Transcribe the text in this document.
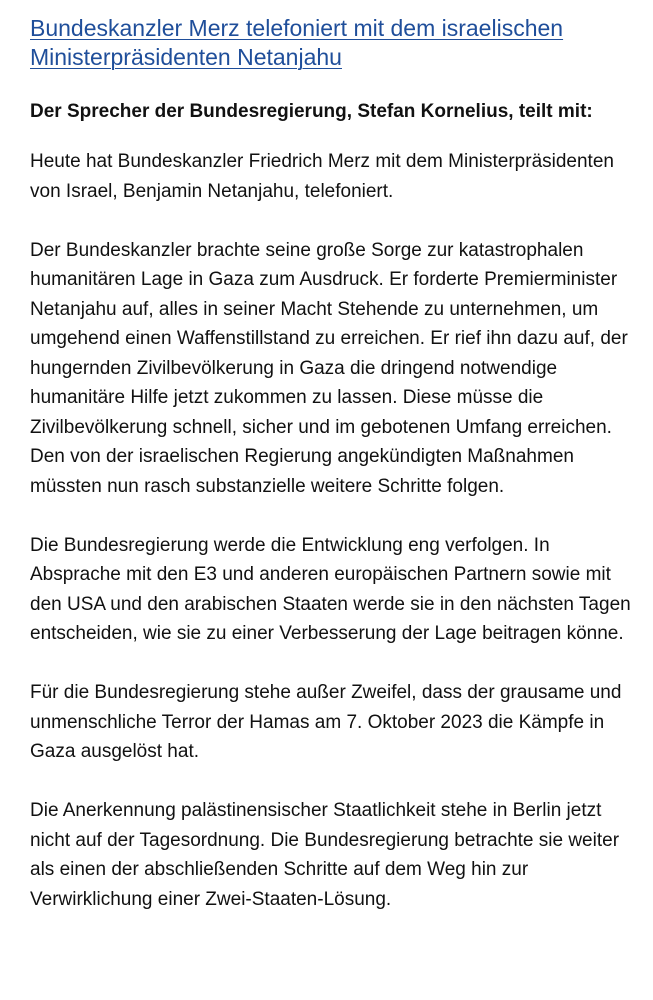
Bundeskanzler Merz telefoniert mit dem israelischen Ministerpräsidenten Netanjahu

Der Sprecher der Bundesregierung, Stefan Kornelius, teilt mit:

Heute hat Bundeskanzler Friedrich Merz mit dem Ministerpräsidenten von Israel, Benjamin Netanjahu, telefoniert.

Der Bundeskanzler brachte seine große Sorge zur katastrophalen humanitären Lage in Gaza zum Ausdruck. Er forderte Premierminister Netanjahu auf, alles in seiner Macht Stehende zu unternehmen, um umgehend einen Waffenstillstand zu erreichen. Er rief ihn dazu auf, der hungernden Zivilbevölkerung in Gaza die dringend notwendige humanitäre Hilfe jetzt zukommen zu lassen. Diese müsse die Zivilbevölkerung schnell, sicher und im gebotenen Umfang erreichen. Den von der israelischen Regierung angekündigten Maßnahmen müssten nun rasch substanzielle weitere Schritte folgen.

Die Bundesregierung werde die Entwicklung eng verfolgen. In Absprache mit den E3 und anderen europäischen Partnern sowie mit den USA und den arabischen Staaten werde sie in den nächsten Tagen entscheiden, wie sie zu einer Verbesserung der Lage beitragen könne.

Für die Bundesregierung stehe außer Zweifel, dass der grausame und unmenschliche Terror der Hamas am 7. Oktober 2023 die Kämpfe in Gaza ausgelöst hat.

Die Anerkennung palästinensischer Staatlichkeit stehe in Berlin jetzt nicht auf der Tagesordnung. Die Bundesregierung betrachte sie weiter als einen der abschließenden Schritte auf dem Weg hin zur Verwirklichung einer Zwei-Staaten-Lösung.
